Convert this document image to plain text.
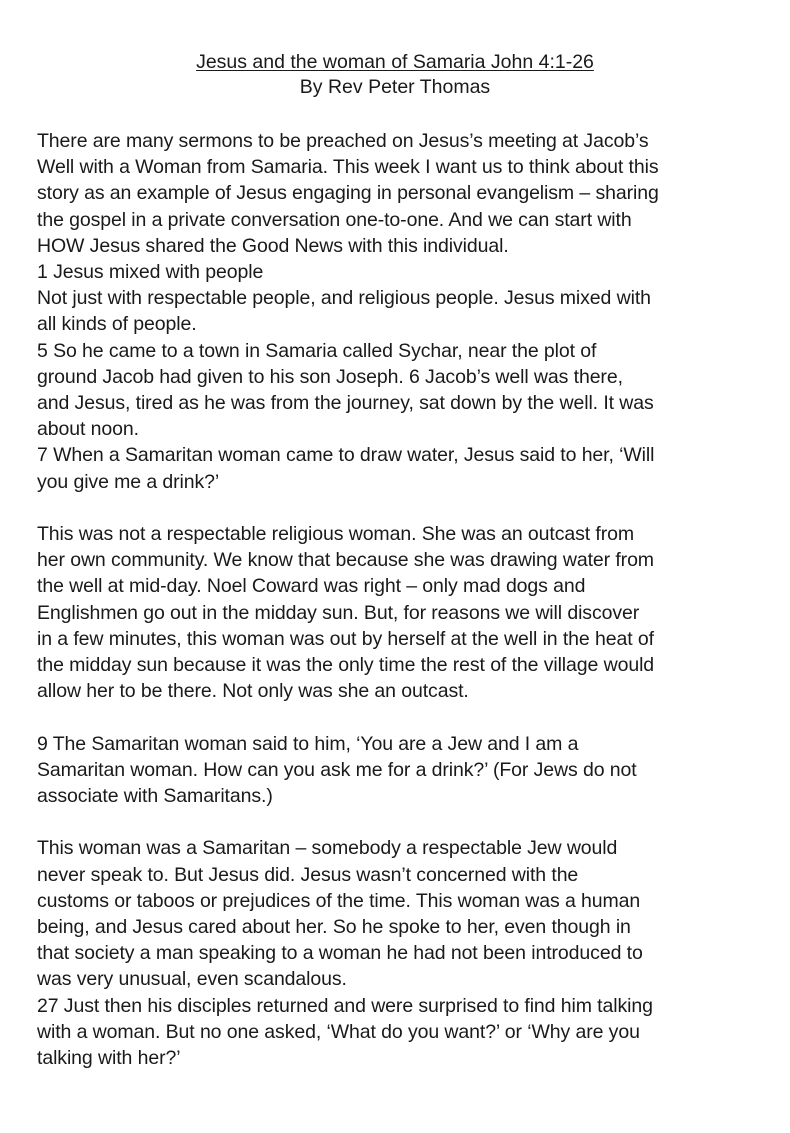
Jesus and the woman of Samaria John 4:1-26
By Rev Peter Thomas

There are many sermons to be preached on Jesus’s meeting at Jacob’s
Well with a Woman from Samaria. This week I want us to think about this
story as an example of Jesus engaging in personal evangelism – sharing
the gospel in a private conversation one-to-one. And we can start with
HOW Jesus shared the Good News with this individual.

1 Jesus mixed with people

Not just with respectable people, and religious people. Jesus mixed with
all kinds of people.

5 So he came to a town in Samaria called Sychar, near the plot of
ground Jacob had given to his son Joseph. 6 Jacob’s well was there,
and Jesus, tired as he was from the journey, sat down by the well. It was
about noon.

7 When a Samaritan woman came to draw water, Jesus said to her, ‘Will
you give me a drink?’

This was not a respectable religious woman. She was an outcast from
her own community. We know that because she was drawing water from
the well at mid-day. Noel Coward was right – only mad dogs and
Englishmen go out in the midday sun. But, for reasons we will discover
in a few minutes, this woman was out by herself at the well in the heat of
the midday sun because it was the only time the rest of the village would
allow her to be there. Not only was she an outcast.

9 The Samaritan woman said to him, ‘You are a Jew and I am a
Samaritan woman. How can you ask me for a drink?’ (For Jews do not
associate with Samaritans.)

This woman was a Samaritan – somebody a respectable Jew would
never speak to. But Jesus did. Jesus wasn’t concerned with the
customs or taboos or prejudices of the time. This woman was a human
being, and Jesus cared about her. So he spoke to her, even though in
that society a man speaking to a woman he had not been introduced to
was very unusual, even scandalous.

27 Just then his disciples returned and were surprised to find him talking
with a woman. But no one asked, ‘What do you want?’ or ‘Why are you
talking with her?’
